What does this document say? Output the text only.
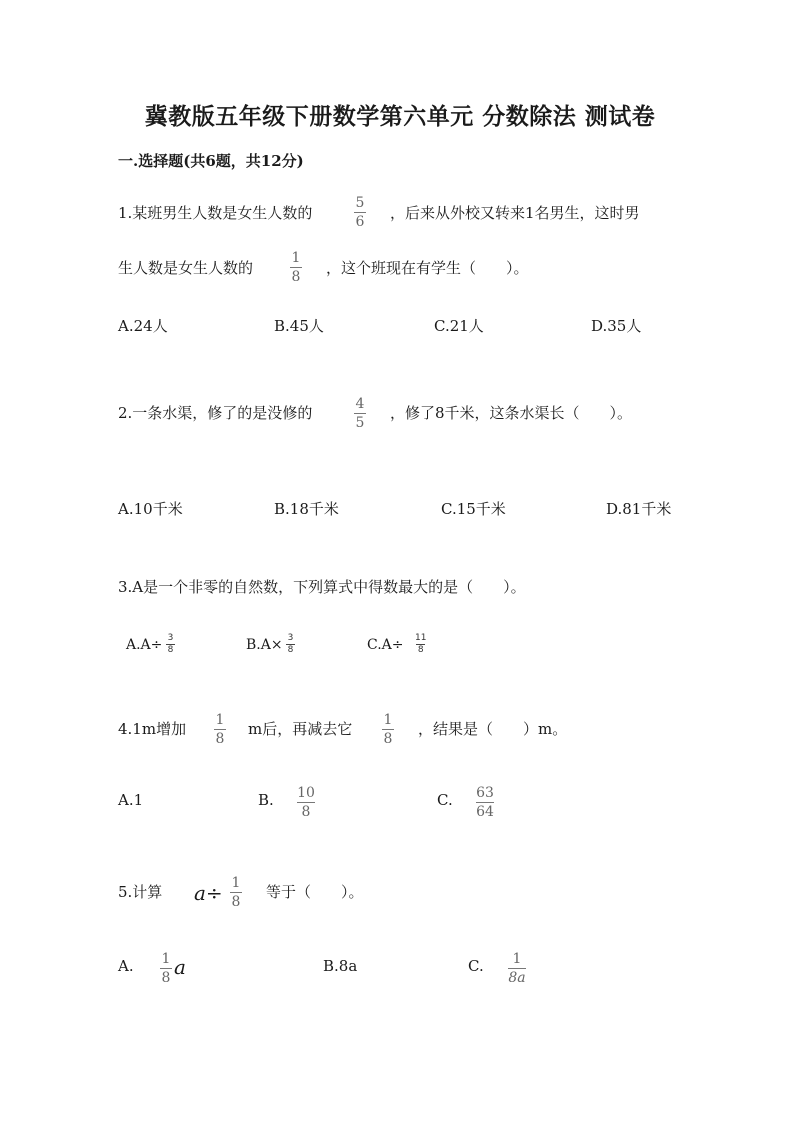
冀教版五年级下册数学第六单元 分数除法 测试卷
一.选择题(共6题，共12分)
1.某班男生人数是女生人数的
5
6 ，后来从外校又转来1名男生，这时男
生人数是女生人数的
1
8 ，这个班现在有学生（　　）。
A.24人	B.45人	C.21人	D.35人
2.一条水渠，修了的是没修的	4
5
，修了8千米，这条水渠长（　　）。
A.10千米	B.18千米	C.15千米	D.81千米
3.A是一个非零的自然数，下列算式中得数最大的是（　　）。
A.A÷ 3
8	B.A× 3
8	C.A÷ 11
8
4.1m增加 1
8
m后，再减去它 1
8
，结果是（　　）m。
A.1	B. 10
8
C. 63
64
5.计算 a÷ 1
8
等于（　　）。
A. 1
8 a	B.8a	C. 1
8a
